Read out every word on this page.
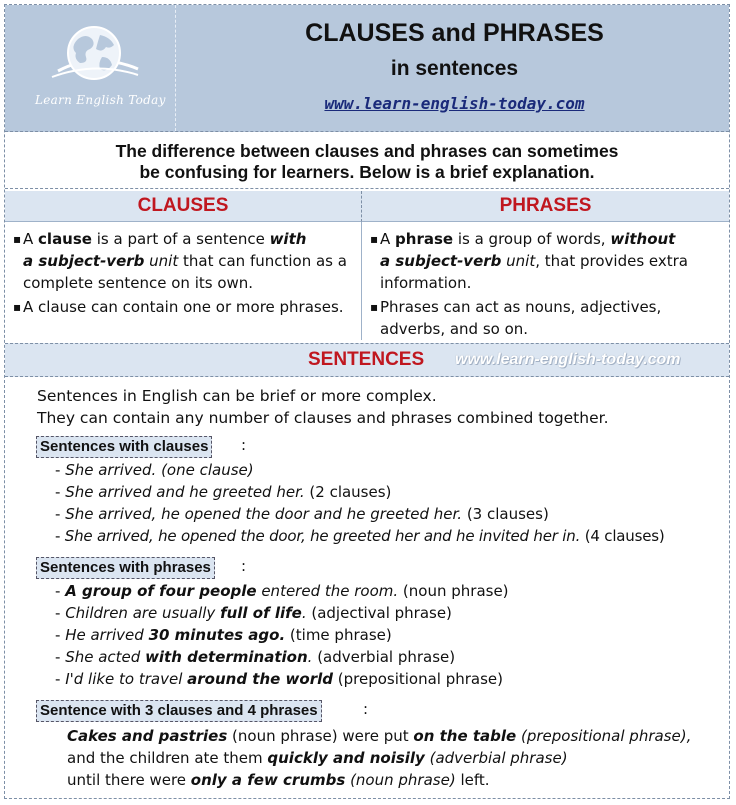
Learn English Today
CLAUSES and PHRASES
in sentences
www.learn-english-today.com
The difference between clauses and phrases can sometimes
be confusing for learners. Below is a brief explanation.
CLAUSES	PHRASES
▪ A clause is a part of a sentence with
a subject-verb unit that can function as a complete sentence on its own.
▪ A clause can contain one or more phrases.
▪ A phrase is a group of words, without
a subject-verb unit, that provides extra information.
▪ Phrases can act as nouns, adjectives, adverbs, and so on.
SENTENCES www.learn-english-today.com
Sentences in English can be brief or more complex.
They can contain any number of clauses and phrases combined together.
Sentences with clauses :
- She arrived. (one clause)
- She arrived and he greeted her. (2 clauses)
- She arrived, he opened the door and he greeted her. (3 clauses)
- She arrived, he opened the door, he greeted her and he invited her in. (4 clauses)
Sentences with phrases :
- A group of four people entered the room. (noun phrase)
- Children are usually full of life. (adjectival phrase)
- He arrived 30 minutes ago. (time phrase)
- She acted with determination. (adverbial phrase)
- I'd like to travel around the world (prepositional phrase)
Sentence with 3 clauses and 4 phrases	:
Cakes and pastries (noun phrase) were put on the table (prepositional phrase),
and the children ate them quickly and noisily (adverbial phrase)
until there were only a few crumbs (noun phrase) left.
